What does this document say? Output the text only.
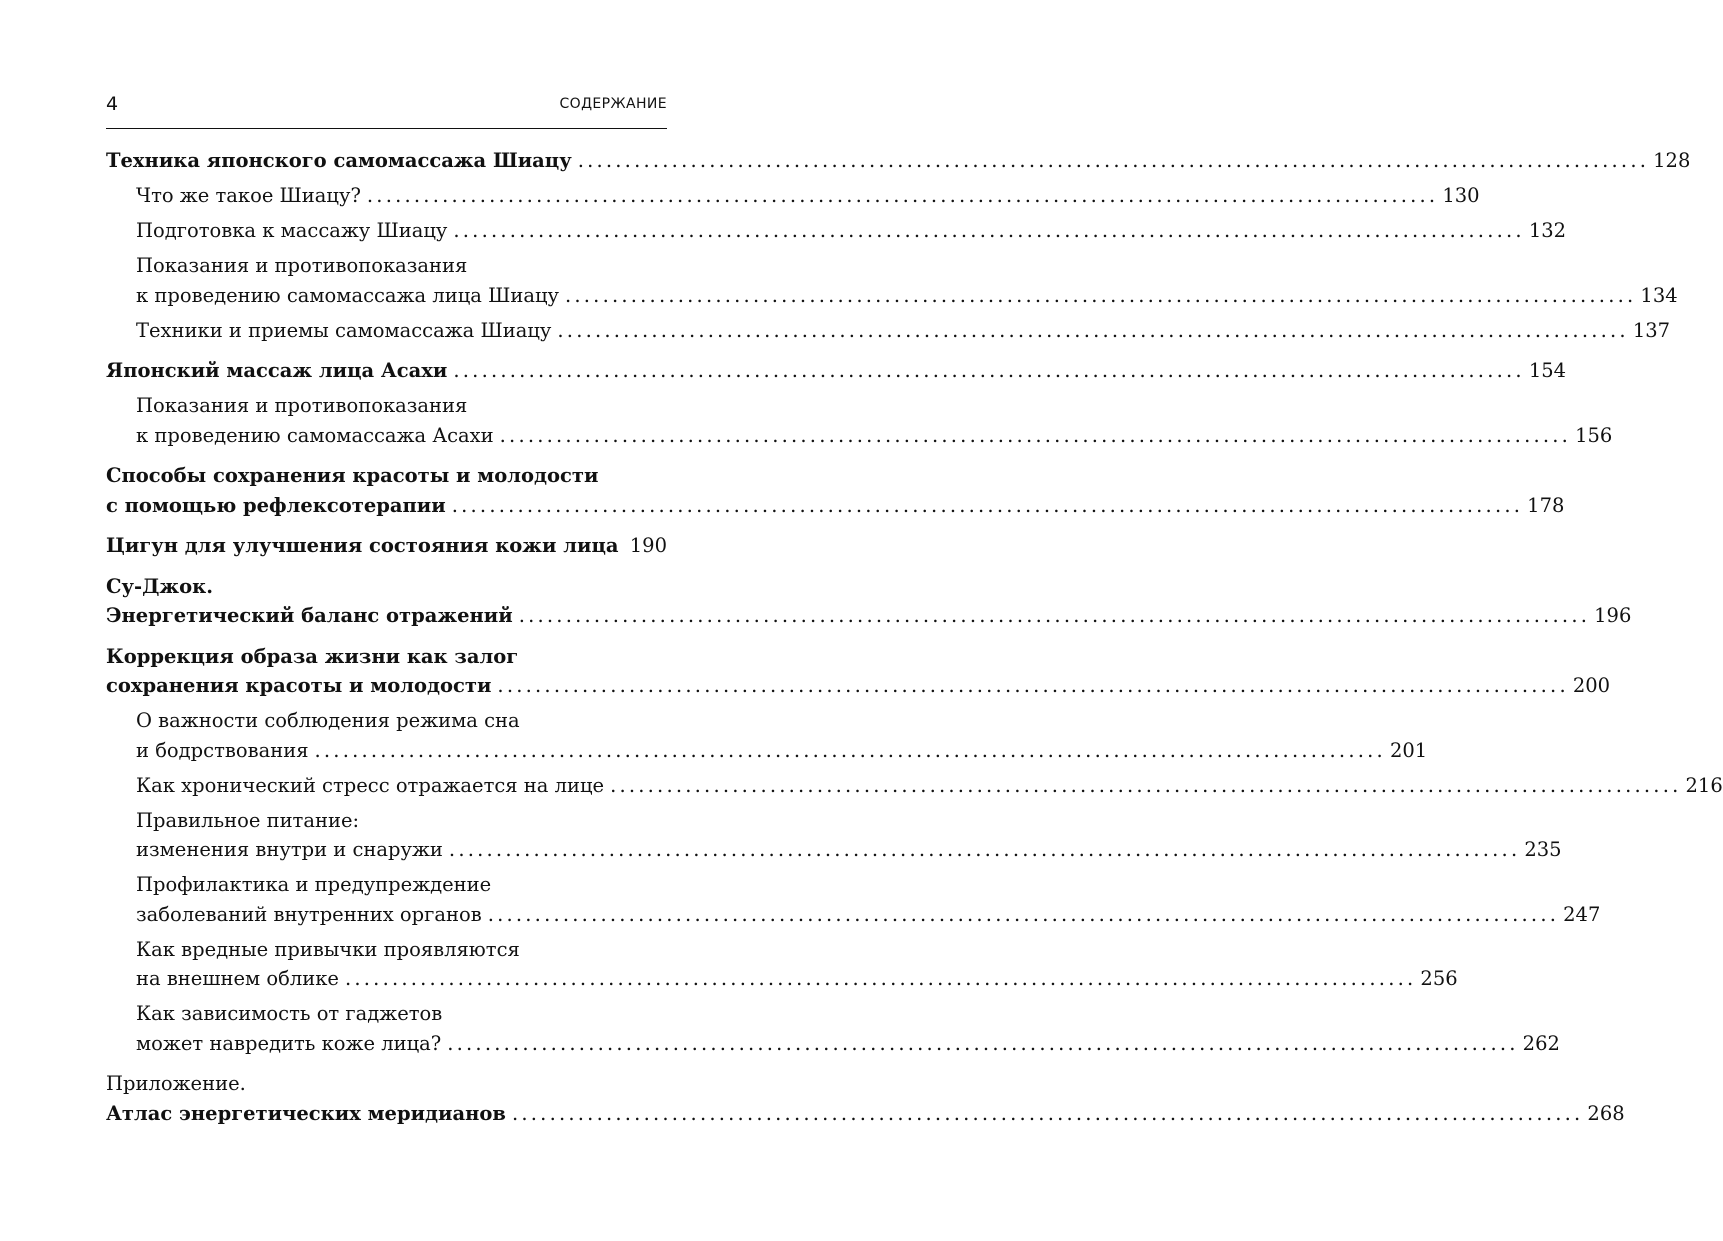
4	СОДЕРЖАНИЕ
Техника японского самомассажа Шиацу .................................................................................................................. 128
Что же такое Шиацу? .................................................................................................................. 130
Подготовка к массажу Шиацу .................................................................................................................. 132
Показания и противопоказания
к проведению самомассажа лица Шиацу .................................................................................................................. 134
Техники и приемы самомассажа Шиацу .................................................................................................................. 137
Японский массаж лица Асахи .................................................................................................................. 154
Показания и противопоказания
к проведению самомассажа Асахи .................................................................................................................. 156
Способы сохранения красоты и молодости
с помощью рефлексотерапии .................................................................................................................. 178
Цигун для улучшения состояния кожи лица 190
Су-Джок.
Энергетический баланс отражений .................................................................................................................. 196
Коррекция образа жизни как залог
сохранения красоты и молодости .................................................................................................................. 200
О важности соблюдения режима сна
и бодрствования .................................................................................................................. 201
Как хронический стресс отражается на лице .................................................................................................................. 216
Правильное питание:
изменения внутри и снаружи .................................................................................................................. 235
Профилактика и предупреждение
заболеваний внутренних органов .................................................................................................................. 247
Как вредные привычки проявляются
на внешнем облике .................................................................................................................. 256
Как зависимость от гаджетов
может навредить коже лица? .................................................................................................................. 262
Приложение.
Атлас энергетических меридианов .................................................................................................................. 268
